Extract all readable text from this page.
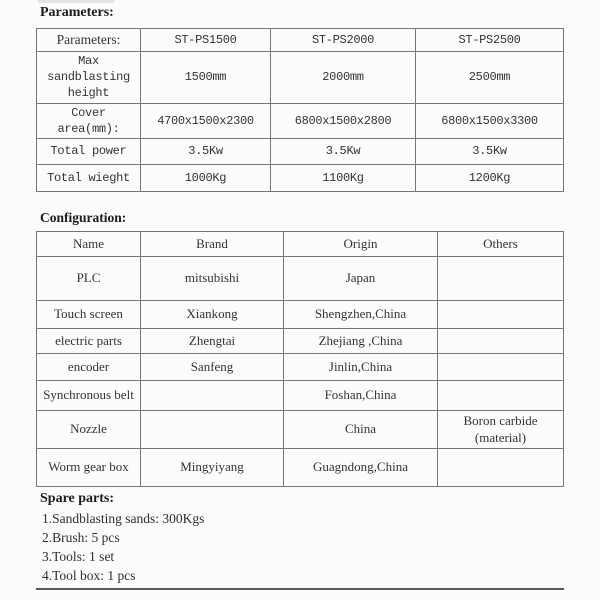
Parameters:
Parameters:	ST-PS1500	ST-PS2000	ST-PS2500
Max sandblasting height	1500mm	2000mm	2500mm
Cover area(mm):	4700x1500x2300	6800x1500x2800	6800x1500x3300
Total power	3.5Kw	3.5Kw	3.5Kw
Total wieght	1000Kg	1100Kg	1200Kg
Configuration:
Name	Brand	Origin	Others
PLC	mitsubishi	Japan	
Touch screen	Xiankong	Shengzhen,China	
electric parts	Zhengtai	Zhejiang ,China	
encoder	Sanfeng	Jinlin,China	
Synchronous belt		Foshan,China	
Nozzle		China	Boron carbide (material)
Worm gear box	Mingyiyang	Guagndong,China	
Spare parts:
1.Sandblasting sands: 300Kgs
2.Brush: 5 pcs
3.Tools: 1 set
4.Tool box: 1 pcs
